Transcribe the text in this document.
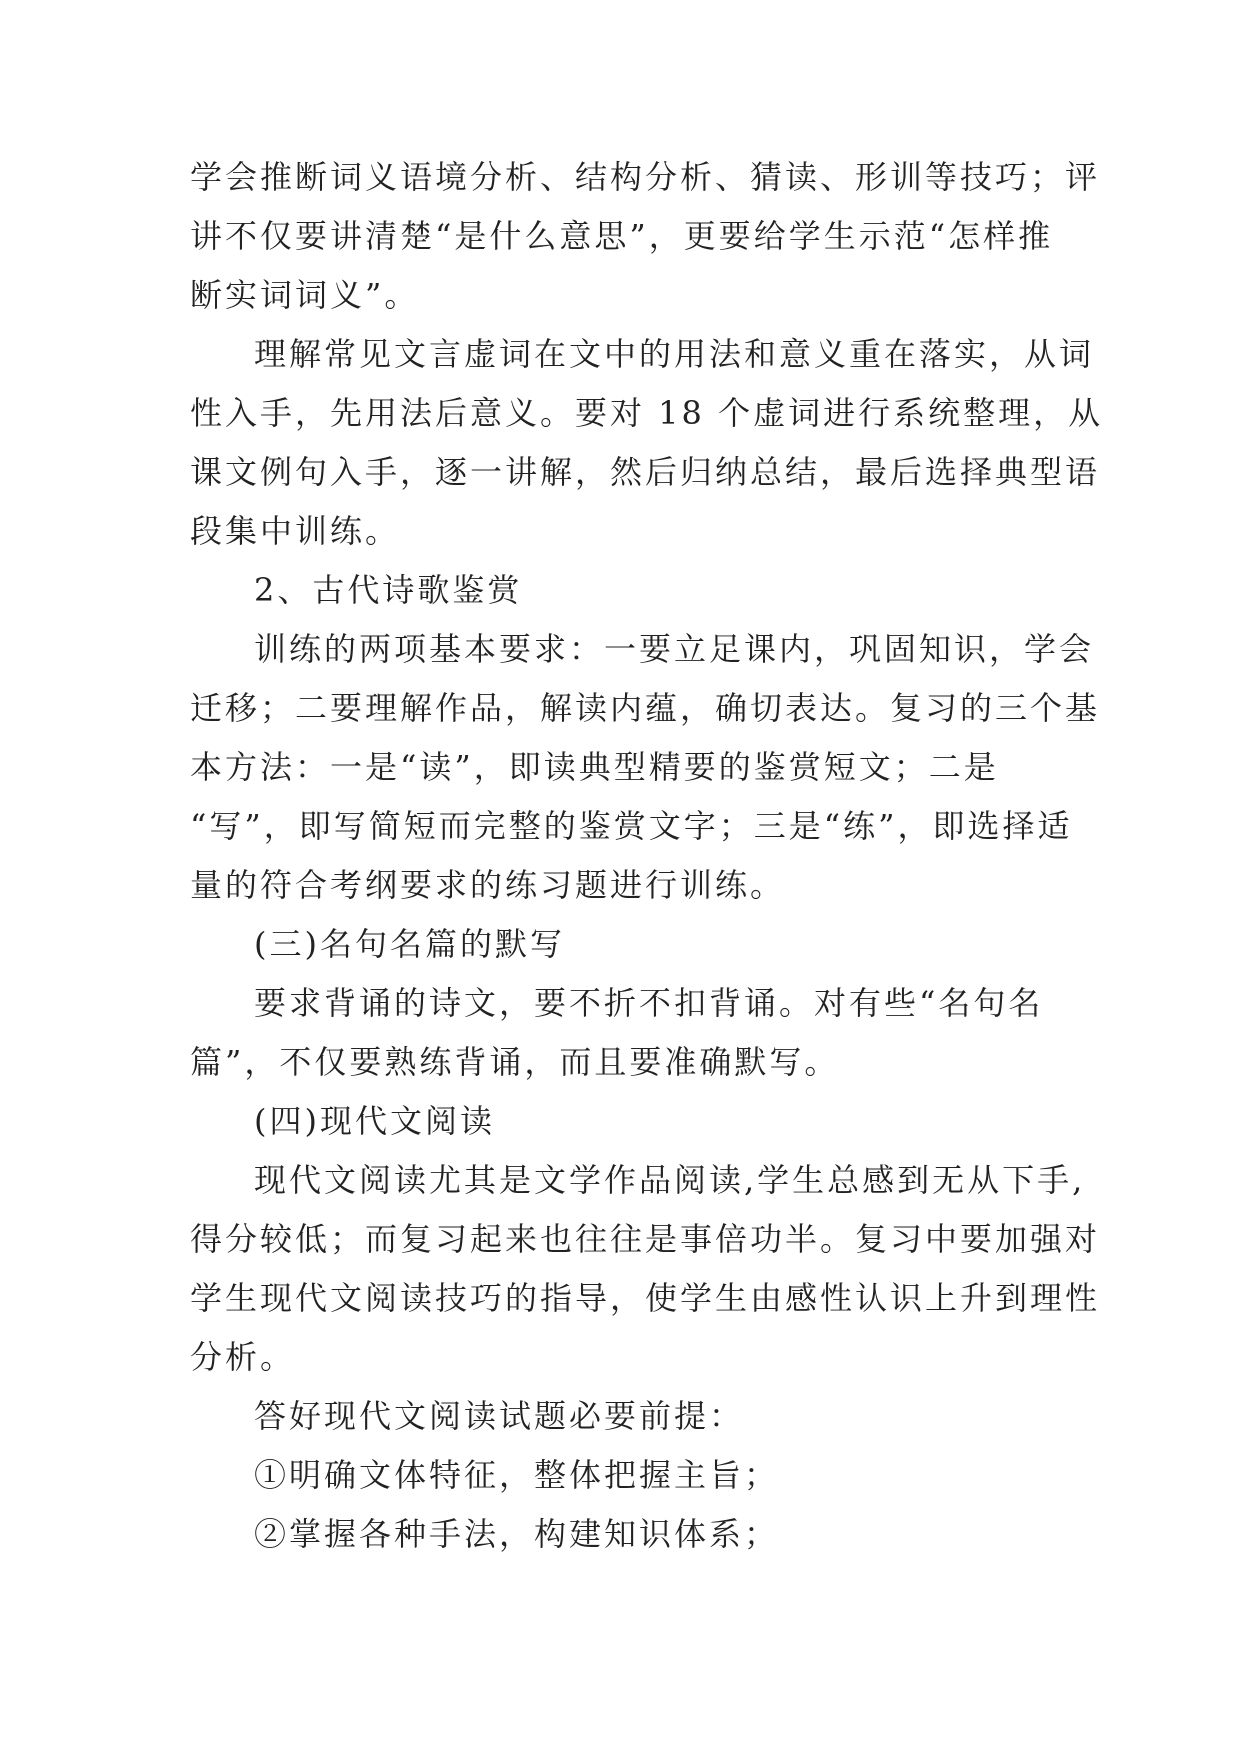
学会推断词义语境分析、结构分析、猜读、形训等技巧；评
讲不仅要讲清楚“是什么意思”，更要给学生示范“怎样推
断实词词义”。
理解常见文言虚词在文中的用法和意义重在落实，从词
性入手，先用法后意义。要对 18 个虚词进行系统整理，从
课文例句入手，逐一讲解，然后归纳总结，最后选择典型语
段集中训练。
2、古代诗歌鉴赏
训练的两项基本要求：一要立足课内，巩固知识，学会
迁移；二要理解作品，解读内蕴，确切表达。复习的三个基
本方法：一是“读”，即读典型精要的鉴赏短文；二是
“写”，即写简短而完整的鉴赏文字；三是“练”，即选择适
量的符合考纲要求的练习题进行训练。
(三)名句名篇的默写
要求背诵的诗文，要不折不扣背诵。对有些“名句名
篇”，不仅要熟练背诵，而且要准确默写。
(四)现代文阅读
现代文阅读尤其是文学作品阅读,学生总感到无从下手,
得分较低；而复习起来也往往是事倍功半。复习中要加强对
学生现代文阅读技巧的指导，使学生由感性认识上升到理性
分析。
答好现代文阅读试题必要前提：
①明确文体特征，整体把握主旨；
②掌握各种手法，构建知识体系；
